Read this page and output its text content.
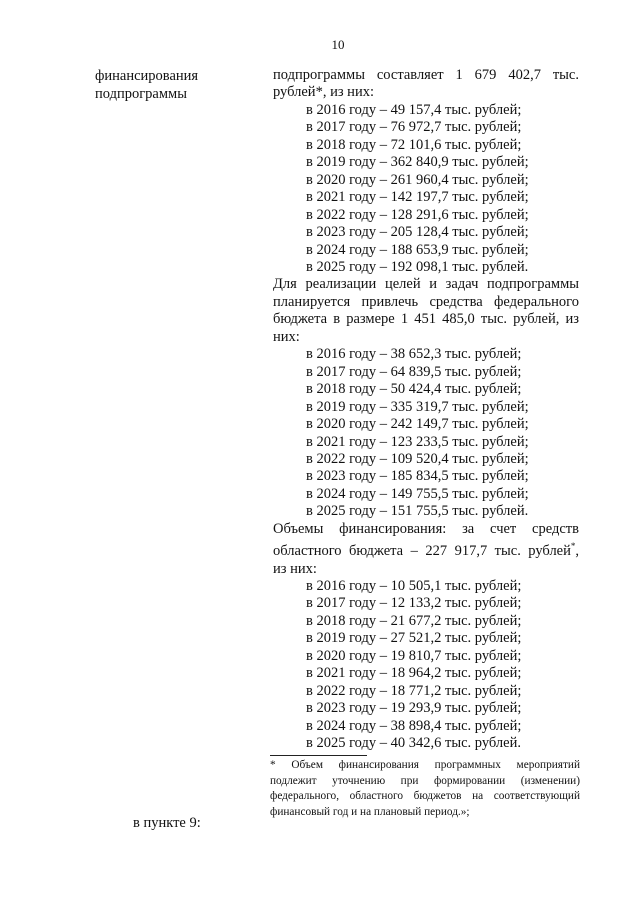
10
финансирования
подпрограммы
подпрограммы составляет 1 679 402,7 тыс.
рублей*, из них:
в 2016 году – 49 157,4 тыс. рублей;
в 2017 году – 76 972,7 тыс. рублей;
в 2018 году – 72 101,6 тыс. рублей;
в 2019 году – 362 840,9 тыс. рублей;
в 2020 году – 261 960,4 тыс. рублей;
в 2021 году – 142 197,7 тыс. рублей;
в 2022 году – 128 291,6 тыс. рублей;
в 2023 году – 205 128,4 тыс. рублей;
в 2024 году – 188 653,9 тыс. рублей;
в 2025 году – 192 098,1 тыс. рублей.
Для реализации целей и задач подпрограммы
планируется привлечь средства федерального
бюджета в размере 1 451 485,0 тыс. рублей, из
них:
в 2016 году – 38 652,3 тыс. рублей;
в 2017 году – 64 839,5 тыс. рублей;
в 2018 году – 50 424,4 тыс. рублей;
в 2019 году – 335 319,7 тыс. рублей;
в 2020 году – 242 149,7 тыс. рублей;
в 2021 году – 123 233,5 тыс. рублей;
в 2022 году – 109 520,4 тыс. рублей;
в 2023 году – 185 834,5 тыс. рублей;
в 2024 году – 149 755,5 тыс. рублей;
в 2025 году – 151 755,5 тыс. рублей.
Объемы финансирования: за счет средств
областного бюджета – 227 917,7 тыс. рублей*,
из них:
в 2016 году – 10 505,1 тыс. рублей;
в 2017 году – 12 133,2 тыс. рублей;
в 2018 году – 21 677,2 тыс. рублей;
в 2019 году – 27 521,2 тыс. рублей;
в 2020 году – 19 810,7 тыс. рублей;
в 2021 году – 18 964,2 тыс. рублей;
в 2022 году – 18 771,2 тыс. рублей;
в 2023 году – 19 293,9 тыс. рублей;
в 2024 году – 38 898,4 тыс. рублей;
в 2025 году – 40 342,6 тыс. рублей.
* Объем финансирования программных мероприятий
подлежит уточнению при формировании (изменении)
федерального, областного бюджетов на соответствующий
финансовый год и на плановый период.»;
в пункте 9:
